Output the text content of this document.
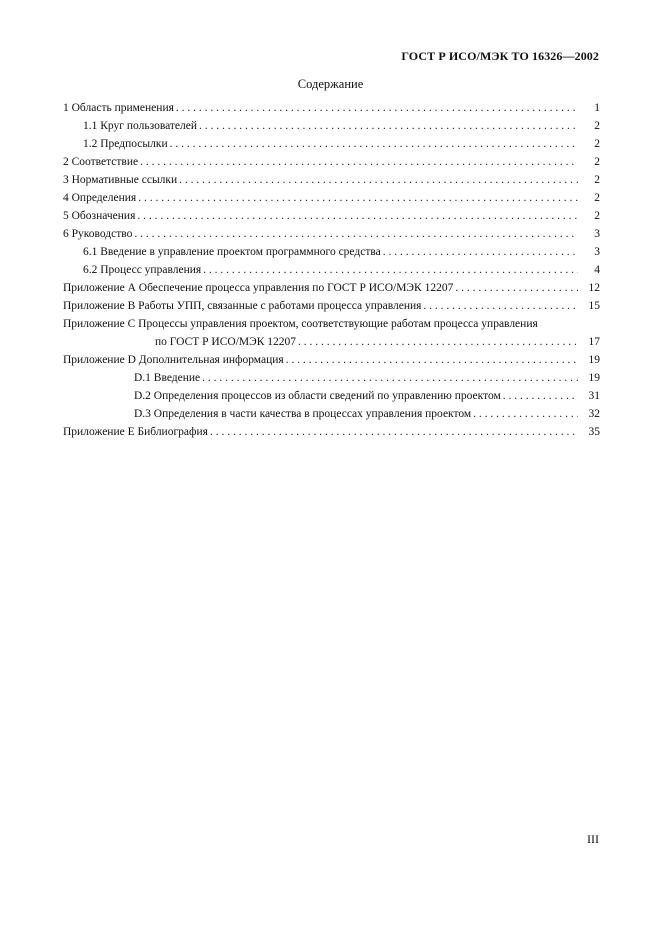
ГОСТ Р ИСО/МЭК ТО 16326—2002
Содержание
1 Область применения . . .	1
1.1 Круг пользователей . . .	2
1.2 Предпосылки . . .	2
2 Соответствие . . .	2
3 Нормативные ссылки . . .	2
4 Определения . . .	2
5 Обозначения . . .	2
6 Руководство . . .	3
6.1 Введение в управление проектом программного средства . . .	3
6.2 Процесс управления . . .	4
Приложение А Обеспечение процесса управления по ГОСТ Р ИСО/МЭК 12207 . . .	12
Приложение В Работы УПП, связанные с работами процесса управления . . .	15
Приложение С Процессы управления проектом, соответствующие работам процесса управления
по ГОСТ Р ИСО/МЭК 12207 . . .	17
Приложение D Дополнительная информация . . .	19
D.1 Введение . . .	19
D.2 Определения процессов из области сведений по управлению проектом . . .	31
D.3 Определения в части качества в процессах управления проектом . . .	32
Приложение E Библиография . . .	35
III
